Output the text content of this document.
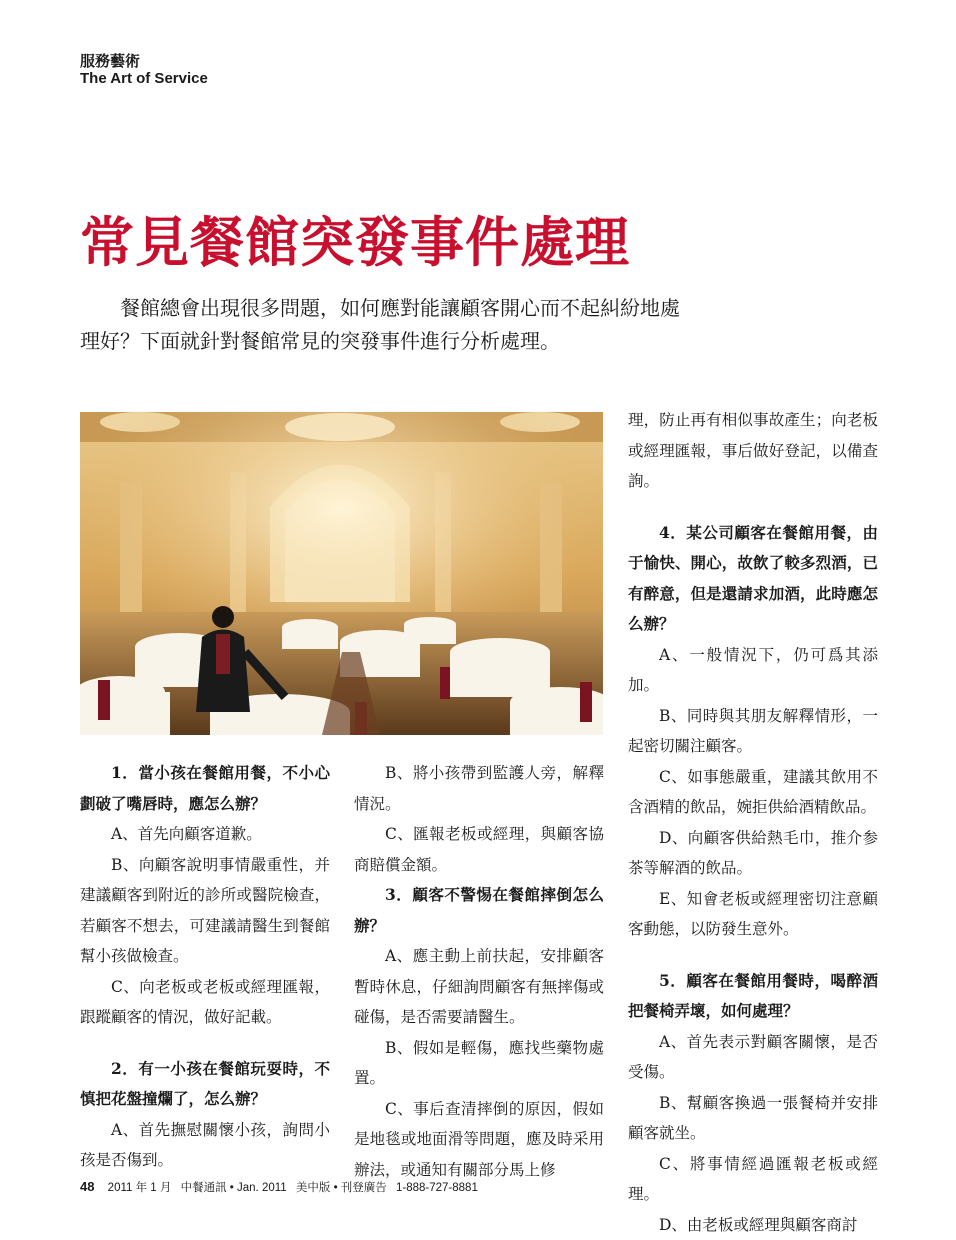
服務藝術
The Art of Service
常見餐館突發事件處理

餐館總會出現很多問題，如何應對能讓顧客開心而不起糾紛地處理好？下面就針對餐館常見的突發事件進行分析處理。

1．當小孩在餐館用餐，不小心劃破了嘴唇時，應怎么辦？

A、首先向顧客道歉。

B、向顧客說明事情嚴重性，并建議顧客到附近的診所或醫院檢查，若顧客不想去，可建議請醫生到餐館幫小孩做檢查。

C、向老板或老板或經理匯報，跟蹤顧客的情況，做好記載。

2．有一小孩在餐館玩耍時，不慎把花盤撞爛了，怎么辦？

A、首先撫慰關懷小孩，詢問小孩是否傷到。

B、將小孩帶到監護人旁，解釋情況。

C、匯報老板或經理，與顧客協商賠償金額。

3．顧客不警惕在餐館摔倒怎么辦？

A、應主動上前扶起，安排顧客暫時休息，仔細詢問顧客有無摔傷或碰傷，是否需要請醫生。

B、假如是輕傷，應找些藥物處置。

C、事后查清摔倒的原因，假如是地毯或地面滑等問題，應及時采用辦法，或通知有關部分馬上修

理，防止再有相似事故產生；向老板或經理匯報，事后做好登記，以備查詢。

4．某公司顧客在餐館用餐，由于愉快、開心，故飲了較多烈酒，已有醉意，但是還請求加酒，此時應怎么辦？

A、一般情況下，仍可爲其添加。

B、同時與其朋友解釋情形，一起密切關注顧客。

C、如事態嚴重，建議其飲用不含酒精的飲品，婉拒供給酒精飲品。

D、向顧客供給熱毛巾，推介参茶等解酒的飲品。

E、知會老板或經理密切注意顧客動態，以防發生意外。

5．顧客在餐館用餐時，喝醉酒把餐椅弄壞，如何處理？

A、首先表示對顧客關懷，是否受傷。

B、幫顧客換過一張餐椅并安排顧客就坐。

C、將事情經過匯報老板或經理。

D、由老板或經理與顧客商討

48 2011 年 1 月 中餐通訊 • Jan. 2011 美中版 • 刊登廣告 1-888-727-8881
